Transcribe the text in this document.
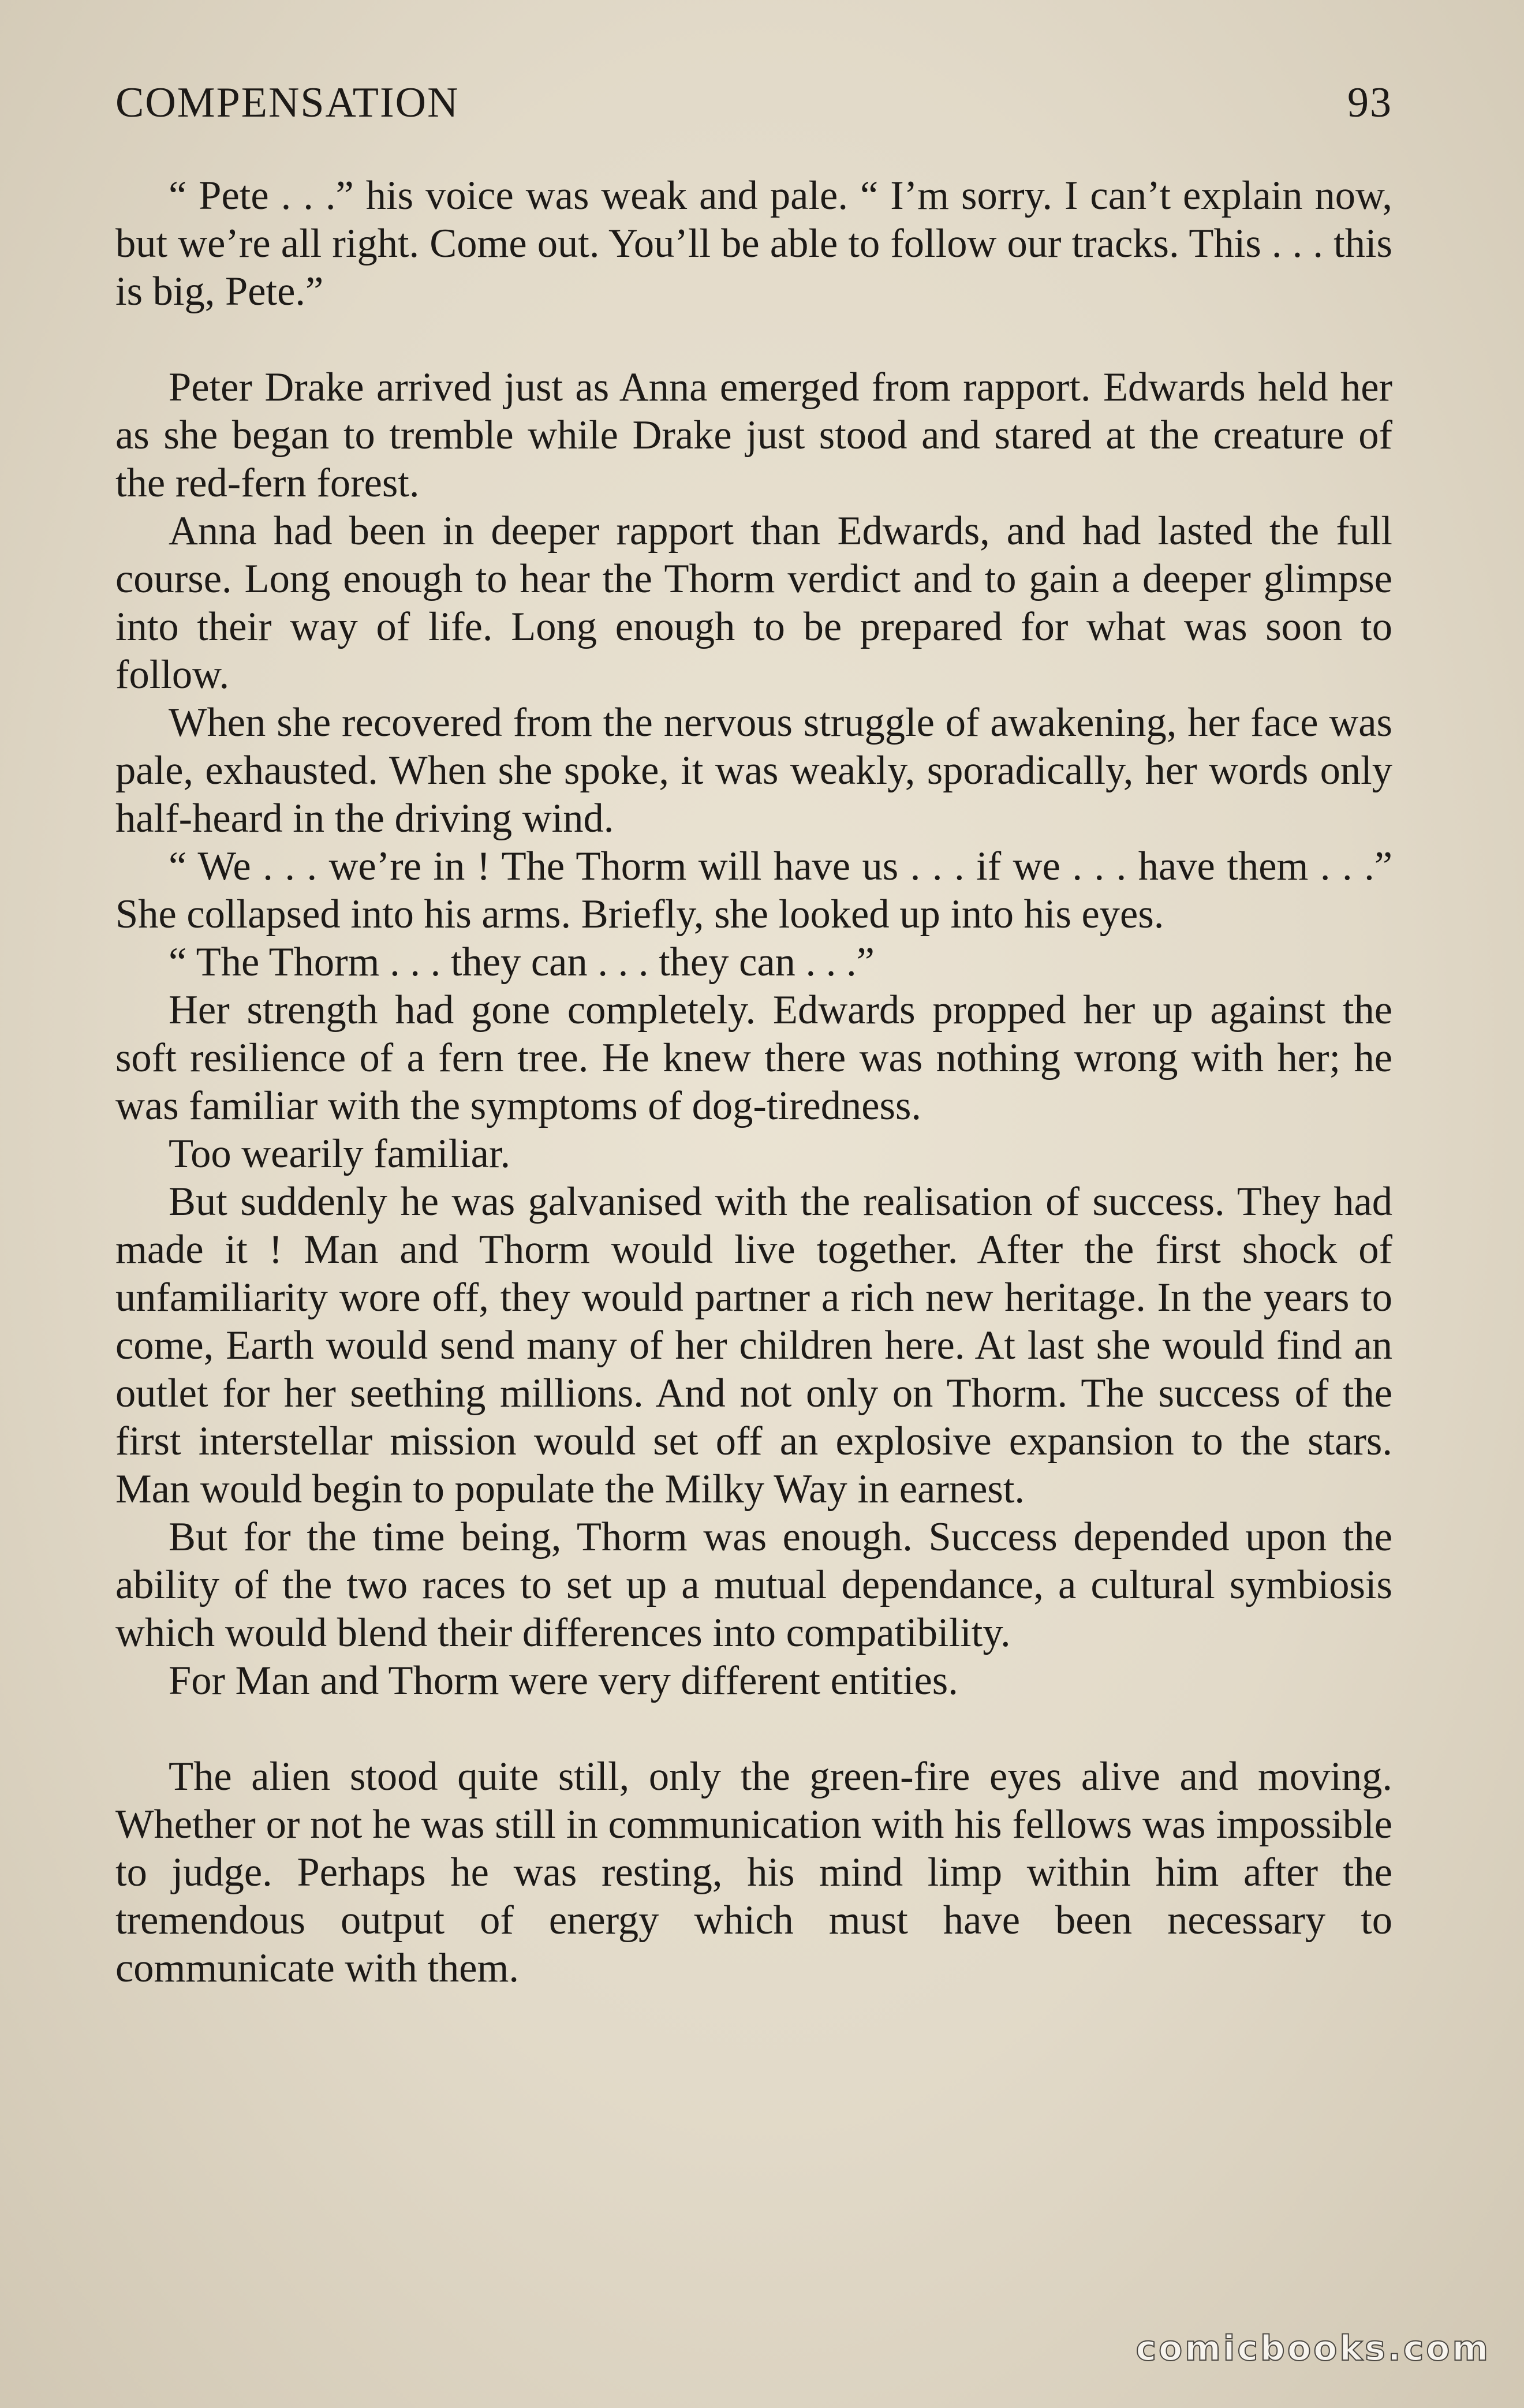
COMPENSATION	93

“ Pete . . .” his voice was weak and pale. “ I’m sorry. I can’t explain now, but we’re all right. Come out. You’ll be able to follow our tracks. This . . . this is big, Pete.”

Peter Drake arrived just as Anna emerged from rapport. Edwards held her as she began to tremble while Drake just stood and stared at the creature of the red-fern forest.

Anna had been in deeper rapport than Edwards, and had lasted the full course. Long enough to hear the Thorm verdict and to gain a deeper glimpse into their way of life. Long enough to be prepared for what was soon to follow.

When she recovered from the nervous struggle of awakening, her face was pale, exhausted. When she spoke, it was weakly, sporadically, her words only half-heard in the driving wind.

“ We . . . we’re in ! The Thorm will have us . . . if we . . . have them . . .” She collapsed into his arms. Briefly, she looked up into his eyes.

“ The Thorm . . . they can . . . they can . . .”

Her strength had gone completely. Edwards propped her up against the soft resilience of a fern tree. He knew there was nothing wrong with her; he was familiar with the symptoms of dog-tiredness.

Too wearily familiar.

But suddenly he was galvanised with the realisation of success. They had made it ! Man and Thorm would live together. After the first shock of unfamiliarity wore off, they would partner a rich new heritage. In the years to come, Earth would send many of her children here. At last she would find an outlet for her seething millions. And not only on Thorm. The success of the first interstellar mission would set off an explosive expansion to the stars. Man would begin to populate the Milky Way in earnest.

But for the time being, Thorm was enough. Success depended upon the ability of the two races to set up a mutual dependance, a cultural symbiosis which would blend their differences into compatibility.

For Man and Thorm were very different entities.

The alien stood quite still, only the green-fire eyes alive and moving. Whether or not he was still in communication with his fellows was impossible to judge. Perhaps he was resting, his mind limp within him after the tremendous output of energy which must have been necessary to communicate with them.

comicbooks.com
